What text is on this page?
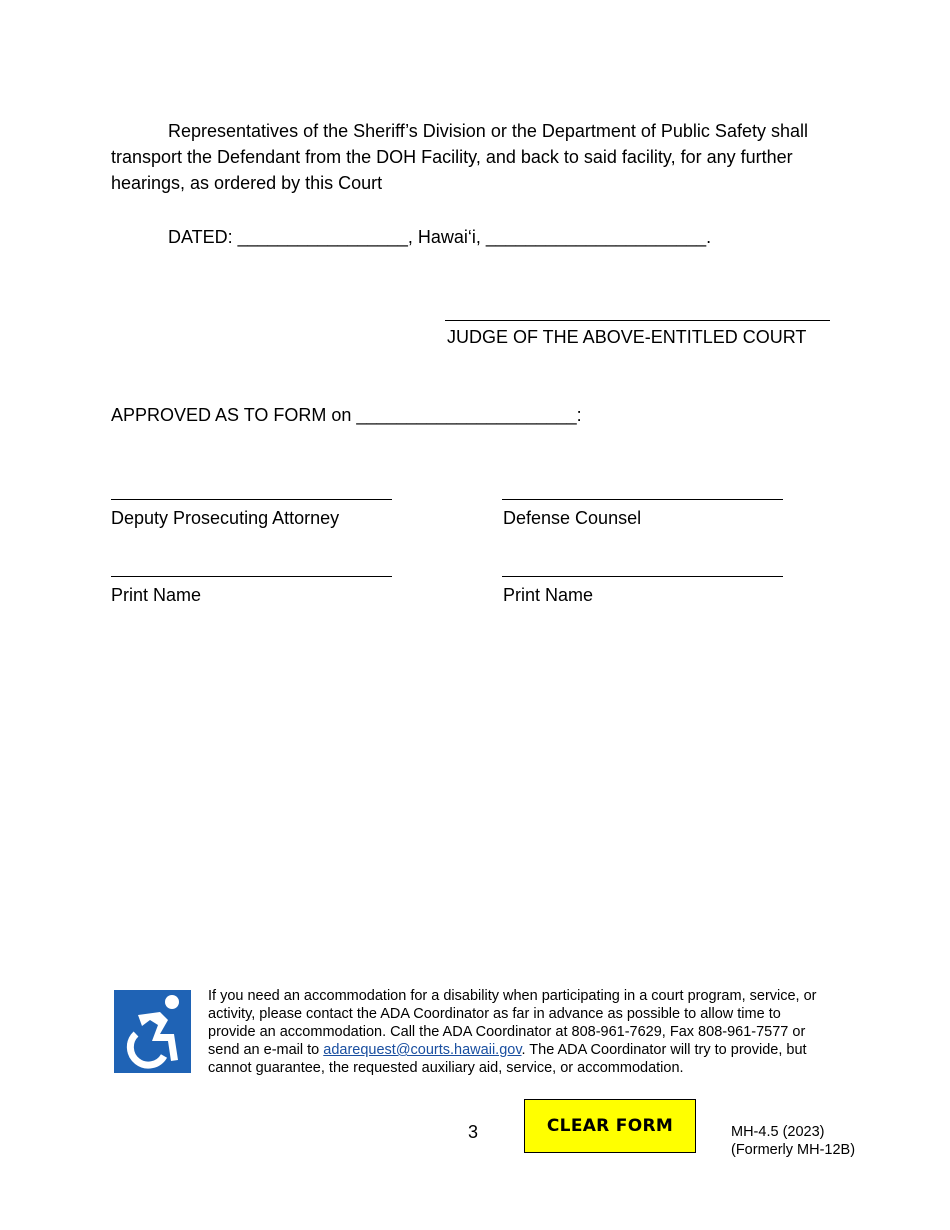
Representatives of the Sheriff’s Division or the Department of Public Safety shall transport the Defendant from the DOH Facility, and back to said facility, for any further hearings, as ordered by this Court
DATED: _________________, Hawai‘i, ______________________.
JUDGE OF THE ABOVE-ENTITLED COURT
APPROVED AS TO FORM on ______________________:
Deputy Prosecuting Attorney	Defense Counsel
Print Name	Print Name
If you need an accommodation for a disability when participating in a court program, service, or activity, please contact the ADA Coordinator as far in advance as possible to allow time to provide an accommodation. Call the ADA Coordinator at 808-961-7629, Fax 808-961-7577 or send an e-mail to adarequest@courts.hawaii.gov. The ADA Coordinator will try to provide, but cannot guarantee, the requested auxiliary aid, service, or accommodation.
3	CLEAR FORM	MH-4.5 (2023)
(Formerly MH-12B)
